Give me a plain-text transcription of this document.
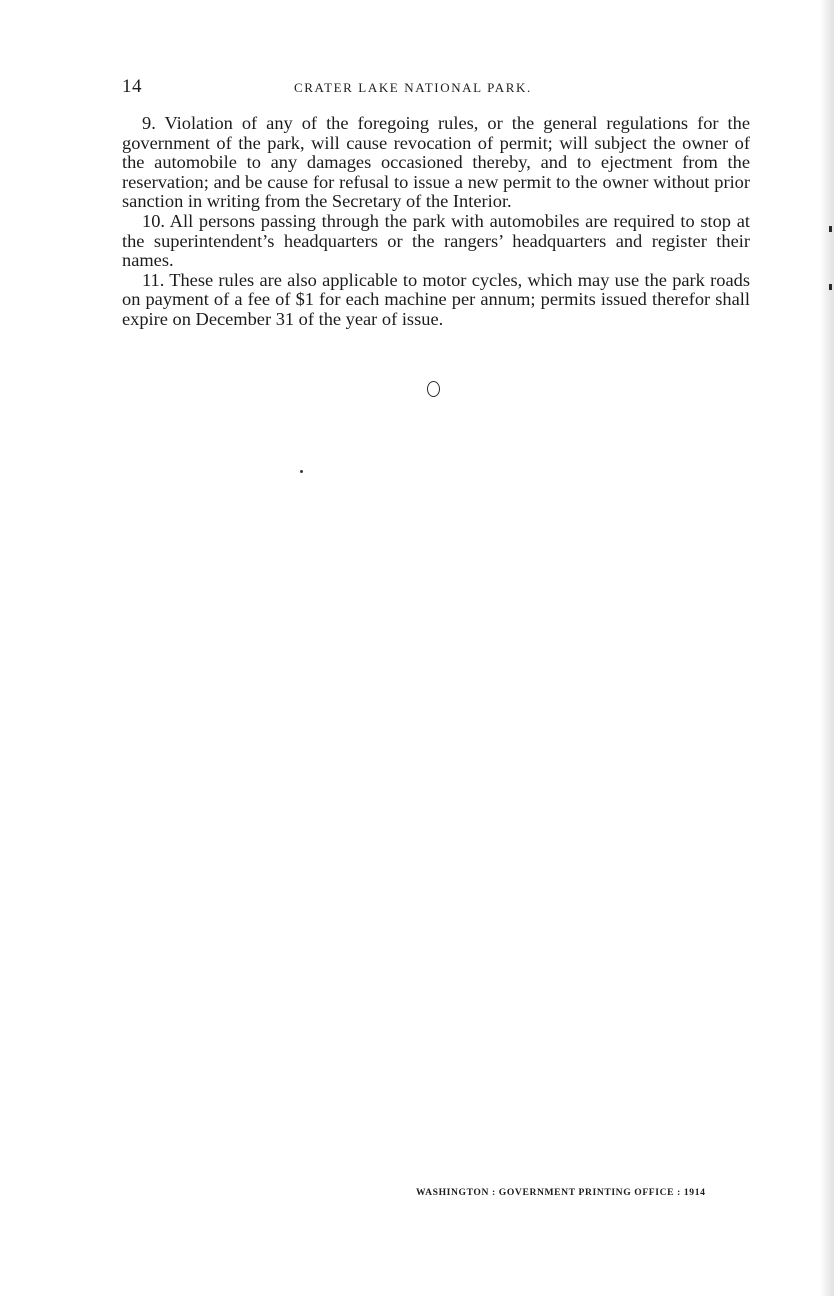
14	CRATER LAKE NATIONAL PARK.

9. Violation of any of the foregoing rules, or the general regulations for the government of the park, will cause revocation of permit; will subject the owner of the automobile to any damages occasioned thereby, and to ejectment from the reservation; and be cause for refusal to issue a new permit to the owner without prior sanction in writing from the Secretary of the Interior.

10. All persons passing through the park with automobiles are required to stop at the superintendent’s headquarters or the rangers’ headquarters and register their names.

11. These rules are also applicable to motor cycles, which may use the park roads on payment of a fee of $1 for each machine per annum; permits issued therefor shall expire on December 31 of the year of issue.

WASHINGTON : GOVERNMENT PRINTING OFFICE : 1914
